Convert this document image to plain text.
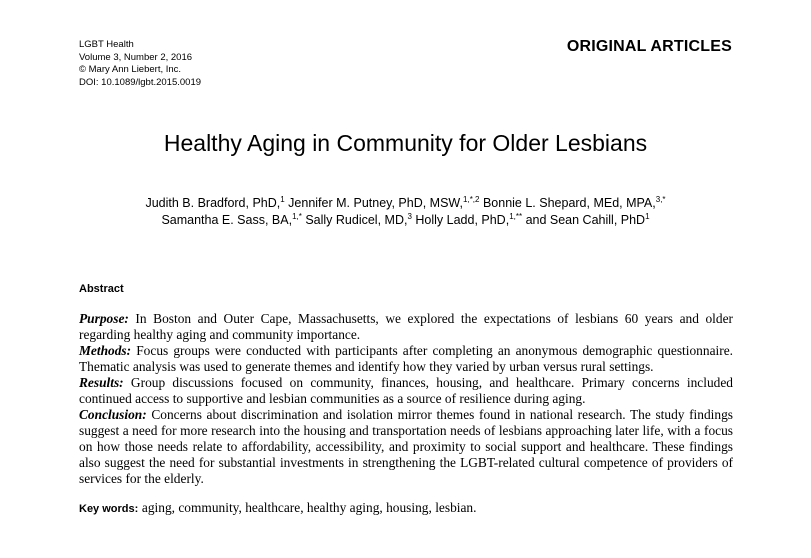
LGBT Health
Volume 3, Number 2, 2016
© Mary Ann Liebert, Inc.
DOI: 10.1089/lgbt.2015.0019
ORIGINAL ARTICLES
Healthy Aging in Community for Older Lesbians
Judith B. Bradford, PhD,$^1$ Jennifer M. Putney, PhD, MSW,$^{1,*,2}$ Bonnie L. Shepard, MEd, MPA,$^{3,*}$
Samantha E. Sass, BA,$^{1,*}$ Sally Rudicel, MD,$^3$ Holly Ladd, PhD,$^{1,**}$ and Sean Cahill, PhD$^1$
Abstract

Purpose: In Boston and Outer Cape, Massachusetts, we explored the expectations of lesbians 60 years and older regarding healthy aging and community importance.

Methods: Focus groups were conducted with participants after completing an anonymous demographic questionnaire. Thematic analysis was used to generate themes and identify how they varied by urban versus rural settings.

Results: Group discussions focused on community, finances, housing, and healthcare. Primary concerns included continued access to supportive and lesbian communities as a source of resilience during aging.

Conclusion: Concerns about discrimination and isolation mirror themes found in national research. The study findings suggest a need for more research into the housing and transportation needs of lesbians approaching later life, with a focus on how those needs relate to affordability, accessibility, and proximity to social support and healthcare. These findings also suggest the need for substantial investments in strengthening the LGBT-related cultural competence of providers of services for the elderly.

Key words: aging, community, healthcare, healthy aging, housing, lesbian.
